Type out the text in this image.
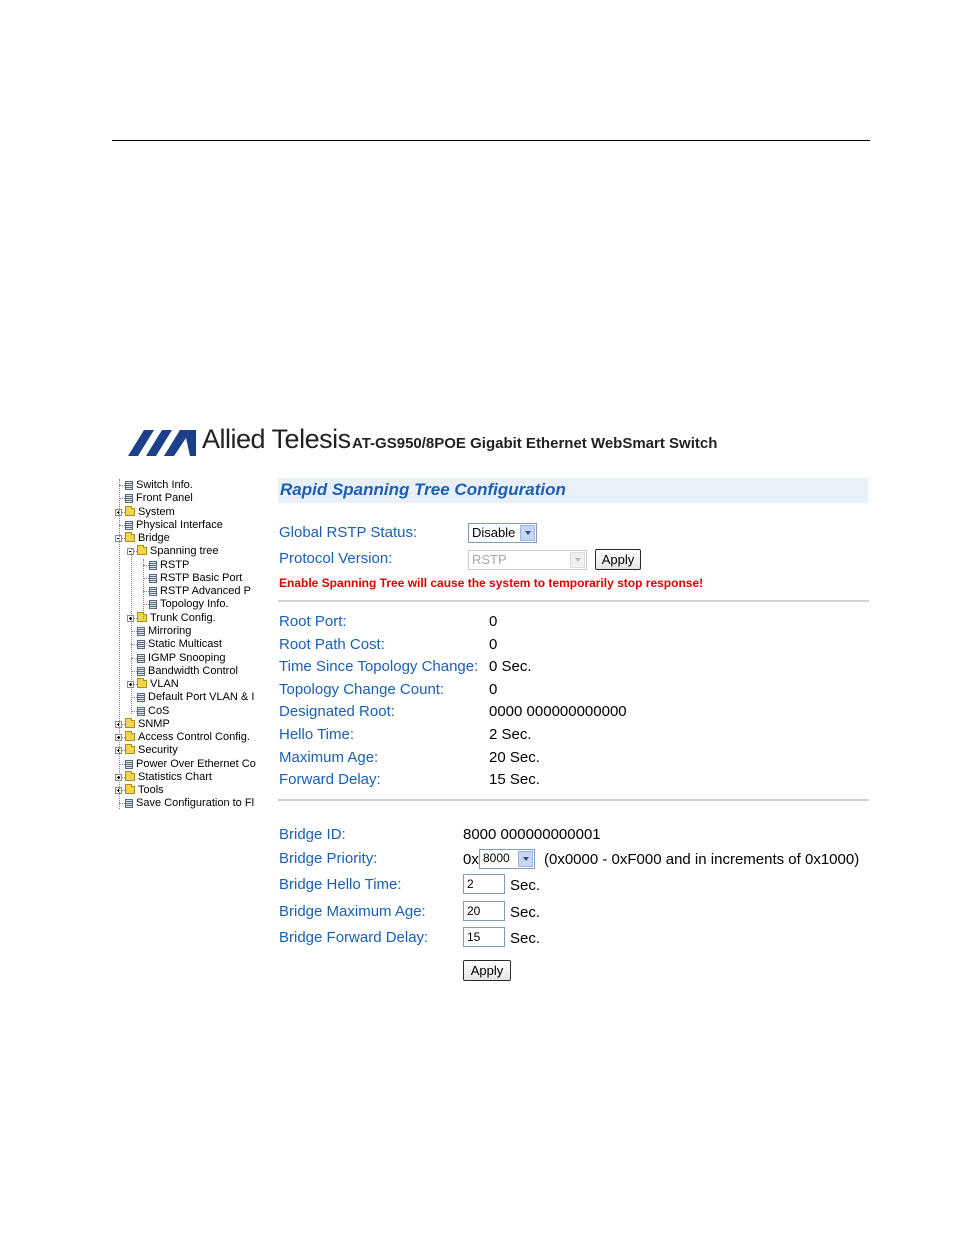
Allied Telesis AT-GS950/8POE Gigabit Ethernet WebSmart Switch
Switch Info.
Front Panel
System
Physical Interface
Bridge
Spanning tree
RSTP
RSTP Basic Port
RSTP Advanced P
Topology Info.
Trunk Config.
Mirroring
Static Multicast
IGMP Snooping
Bandwidth Control
VLAN
Default Port VLAN & I
CoS
SNMP
Access Control Config.
Security
Power Over Ethernet Co
Statistics Chart
Tools
Save Configuration to Fl
Rapid Spanning Tree Configuration
Global RSTP Status:	Disable
Protocol Version:	RSTP	Apply
Enable Spanning Tree will cause the system to temporarily stop response!
Root Port:	0
Root Path Cost:	0
Time Since Topology Change: 0 Sec.
Topology Change Count:	0
Designated Root:	0000 000000000000
Hello Time:	2 Sec.
Maximum Age:	20 Sec.
Forward Delay:	15 Sec.
Bridge ID:	8000 000000000001
Bridge Priority:	0x 8000 (0x0000 - 0xF000 and in increments of 0x1000)
Bridge Hello Time:	2	Sec.
Bridge Maximum Age:	20	Sec.
Bridge Forward Delay:	15	Sec.
Apply
